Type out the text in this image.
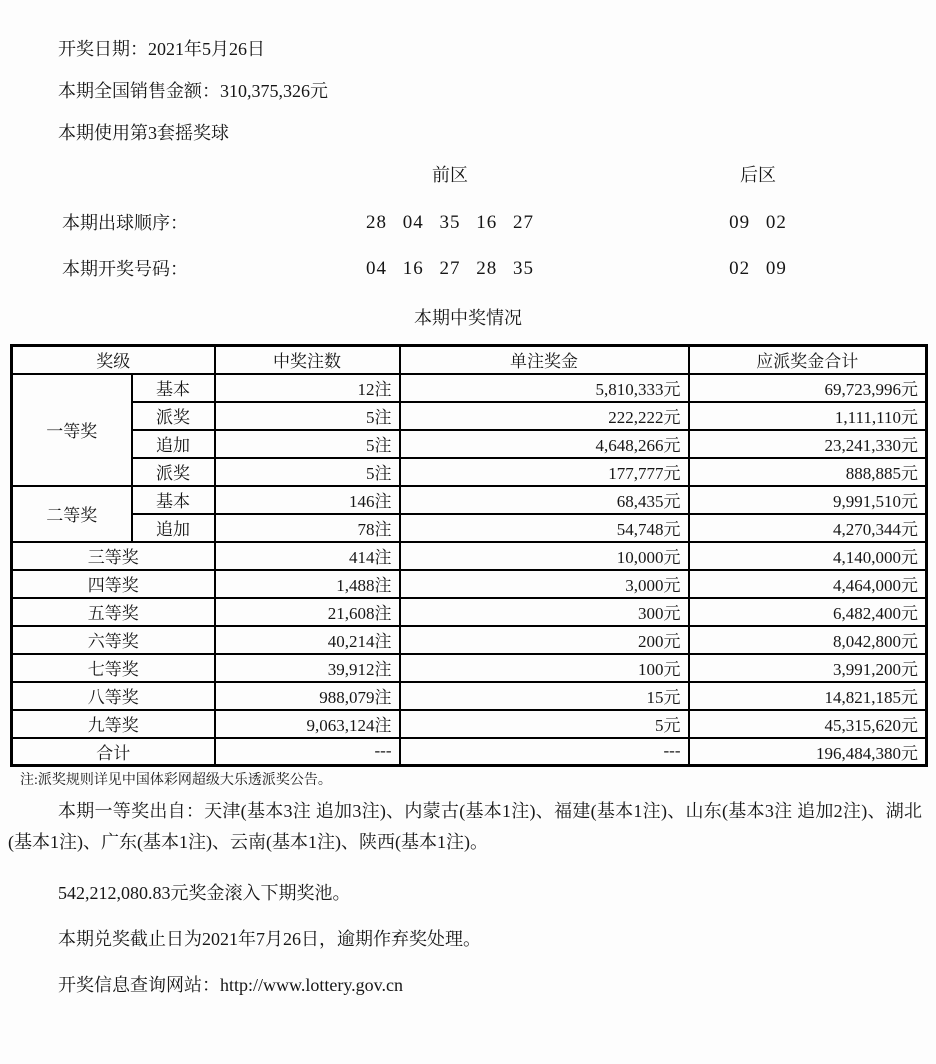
开奖日期：2021年5月26日

本期全国销售金额：310,375,326元

本期使用第3套摇奖球

前区	后区
本期出球顺序：	28 04 35 16 27	09 02
本期开奖号码：	04 16 27 28 35	02 09
本期中奖情况
奖级		中奖注数	单注奖金	应派奖金合计
一等奖	基本	12注	5,810,333元	69,723,996元
	派奖	5注	222,222元	1,111,110元
	追加	5注	4,648,266元	23,241,330元
	派奖	5注	177,777元	888,885元
二等奖	基本	146注	68,435元	9,991,510元
	追加	78注	54,748元	4,270,344元
三等奖		414注	10,000元	4,140,000元
四等奖		1,488注	3,000元	4,464,000元
五等奖		21,608注	300元	6,482,400元
六等奖		40,214注	200元	8,042,800元
七等奖		39,912注	100元	3,991,200元
八等奖		988,079注	15元	14,821,185元
九等奖		9,063,124注	5元	45,315,620元
合计		---	---	196,484,380元

注:派奖规则详见中国体彩网超级大乐透派奖公告。

本期一等奖出自：天津(基本3注 追加3注)、内蒙古(基本1注)、福建(基本1注)、山东(基本3注 追加2注)、湖北(基本1注)、广东(基本1注)、云南(基本1注)、陕西(基本1注)。

542,212,080.83元奖金滚入下期奖池。

本期兑奖截止日为2021年7月26日，逾期作弃奖处理。

开奖信息查询网站：http://www.lottery.gov.cn
